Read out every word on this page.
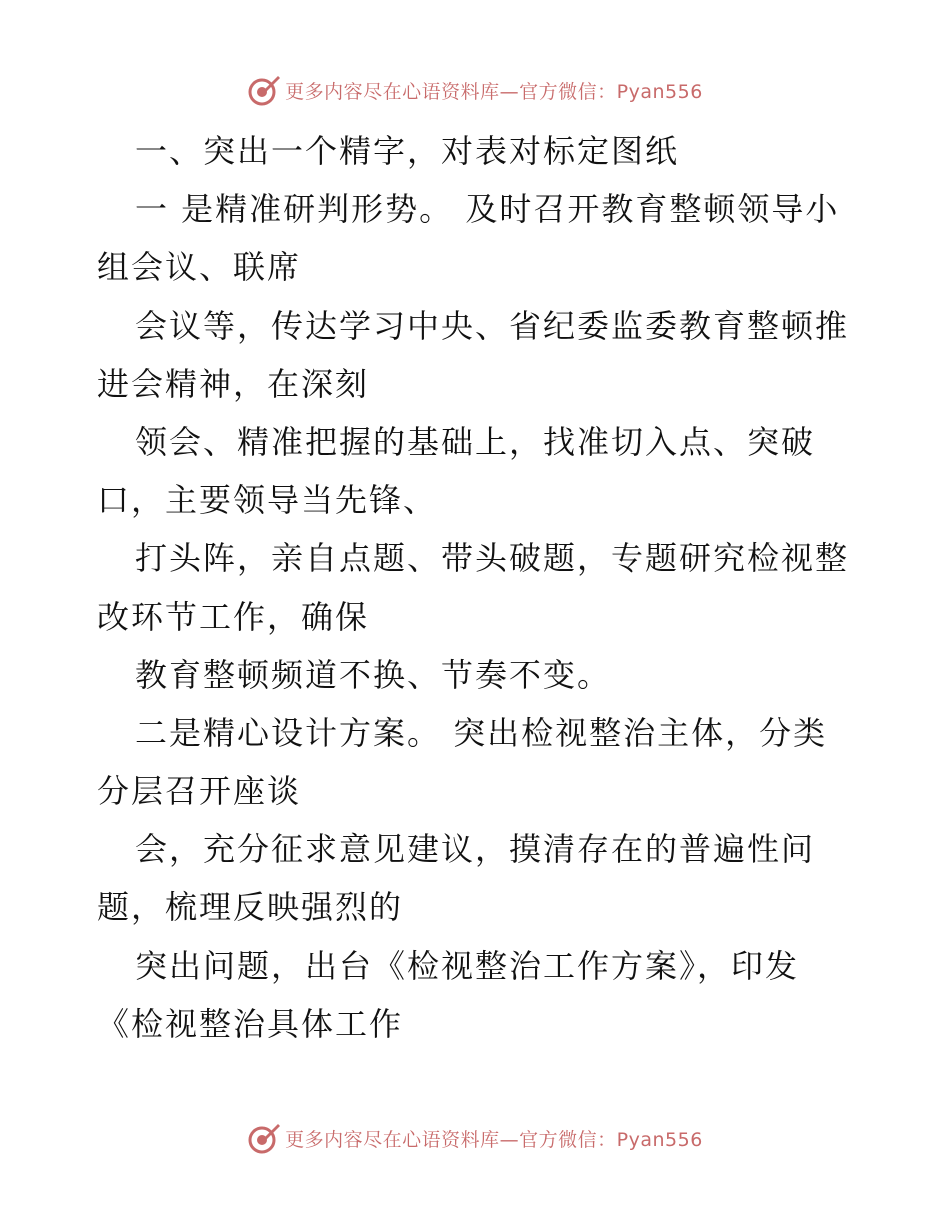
更多内容尽在心语资料库—官方微信：Pyan556
一、突出一个精字，对表对标定图纸
一 是精准研判形势。 及时召开教育整顿领导小
组会议、联席
会议等，传达学习中央、省纪委监委教育整顿推
进会精神，在深刻
领会、精准把握的基础上，找准切入点、突破
口，主要领导当先锋、
打头阵，亲自点题、带头破题，专题研究检视整
改环节工作，确保
教育整顿频道不换、节奏不变。
二是精心设计方案。 突出检视整治主体，分类
分层召开座谈
会，充分征求意见建议，摸清存在的普遍性问
题，梳理反映强烈的
突出问题，出台《检视整治工作方案》，印发
《检视整治具体工作
更多内容尽在心语资料库—官方微信：Pyan556
